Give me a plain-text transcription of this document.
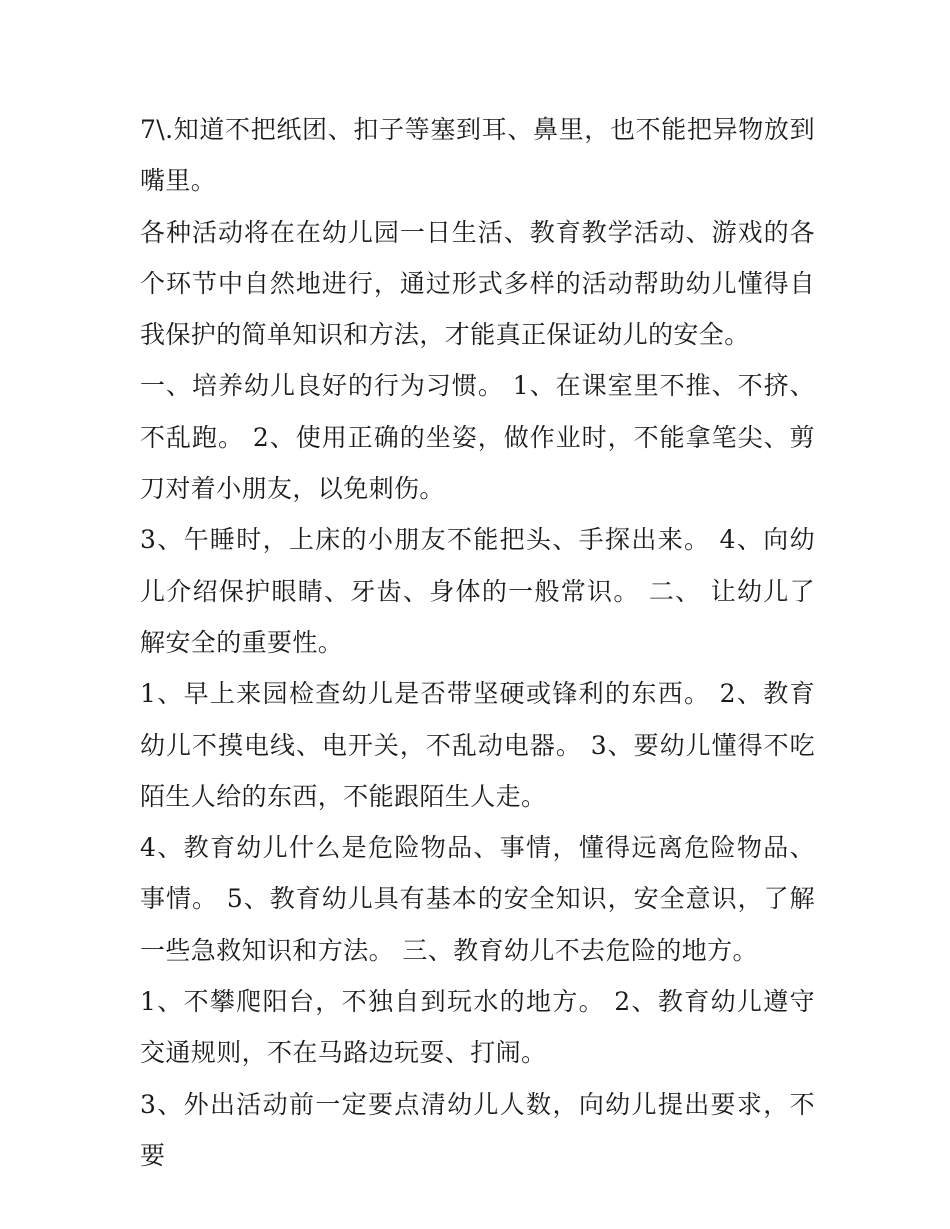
7\.知道不把纸团、扣子等塞到耳、鼻里，也不能把异物放到嘴里。

各种活动将在在幼儿园一日生活、教育教学活动、游戏的各个环节中自然地进行，通过形式多样的活动帮助幼儿懂得自我保护的简单知识和方法，才能真正保证幼儿的安全。

一、培养幼儿良好的行为习惯。 1、在课室里不推、不挤、不乱跑。 2、使用正确的坐姿，做作业时，不能拿笔尖、剪刀对着小朋友，以免刺伤。

3、午睡时，上床的小朋友不能把头、手探出来。 4、向幼儿介绍保护眼睛、牙齿、身体的一般常识。 二、 让幼儿了解安全的重要性。

1、早上来园检查幼儿是否带坚硬或锋利的东西。 2、教育幼儿不摸电线、电开关，不乱动电器。 3、要幼儿懂得不吃陌生人给的东西，不能跟陌生人走。

4、教育幼儿什么是危险物品、事情，懂得远离危险物品、事情。 5、教育幼儿具有基本的安全知识，安全意识，了解一些急救知识和方法。 三、教育幼儿不去危险的地方。

1、不攀爬阳台，不独自到玩水的地方。 2、教育幼儿遵守交通规则，不在马路边玩耍、打闹。

3、外出活动前一定要点清幼儿人数，向幼儿提出要求，不要
